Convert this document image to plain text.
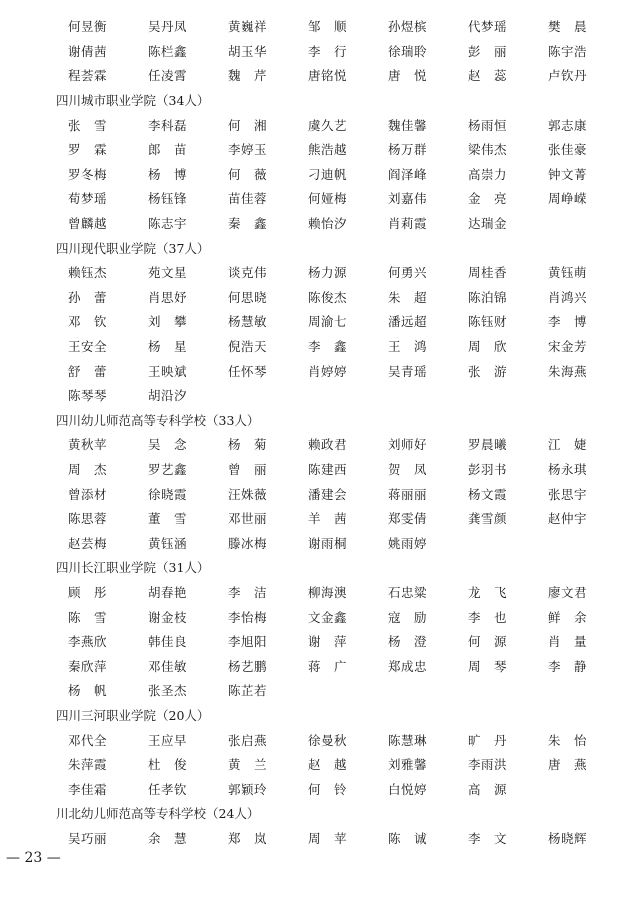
何昱衡	吴丹凤	黄巍祥	邹　顺	孙煜槟	代梦瑶	樊　晨
谢倩茜	陈栏鑫	胡玉华	李　行	徐瑞聆	彭　丽	陈宇浩
程荟霖	任凌霄	魏　芹	唐铭悦	唐　悦	赵　蕊	卢钦丹
四川城市职业学院（34人）
张　雪	李科磊	何　湘	虞久艺	魏佳馨	杨雨恒	郭志康
罗　霖	郎　苗	李婷玉	熊浩越	杨万群	梁伟杰	张佳豪
罗冬梅	杨　博	何　薇	刁迪帆	阎泽峰	高崇力	钟文菁
荀梦瑶	杨钰锋	苗佳蓉	何娅梅	刘嘉伟	金　亮	周峥嵘
曾麟越	陈志宇	秦　鑫	赖怡汐	肖莉霞	达瑞金
四川现代职业学院（37人）
赖钰杰	苑文星	谈克伟	杨力源	何勇兴	周桂香	黄钰萌
孙　蕾	肖思妤	何思晓	陈俊杰	朱　超	陈泊锦	肖鸿兴
邓　钦	刘　攀	杨慧敏	周渝七	潘远超	陈钰财	李　博
王安全	杨　星	倪浩天	李　鑫	王　鸿	周　欣	宋金芳
舒　蕾	王映斌	任怀琴	肖婷婷	吴青瑶	张　游	朱海燕
陈琴琴	胡沿汐
四川幼儿师范高等专科学校（33人）
黄秋苹	吴　念	杨　菊	赖政君	刘师好	罗晨曦	江　婕
周　杰	罗艺鑫	曾　丽	陈建西	贺　凤	彭羽书	杨永琪
曾添材	徐晓霞	汪姝薇	潘建会	蒋丽丽	杨文霞	张思宇
陈思蓉	董　雪	邓世丽	羊　茜	郑雯倩	龚雪颜	赵仲宇
赵芸梅	黄钰涵	滕冰梅	谢雨桐	姚雨婷
四川长江职业学院（31人）
顾　彤	胡春艳	李　洁	柳海澳	石忠粱	龙　飞	廖文君
陈　雪	谢金枝	李怡梅	文金鑫	寇　励	李　也	鲜　余
李燕欣	韩佳良	李旭阳	谢　萍	杨　澄	何　源	肖　量
秦欣萍	邓佳敏	杨艺鹏	蒋　广	郑成忠	周　琴	李　静
杨　帆	张圣杰	陈芷若
四川三河职业学院（20人）
邓代全	王应早	张启燕	徐曼秋	陈慧琳	旷　丹	朱　怡
朱萍霞	杜　俊	黄　兰	赵　越	刘雅馨	李雨洪	唐　燕
李佳霜	任孝钦	郭颖玲	何　铃	白悦婷	高　源
川北幼儿师范高等专科学校（24人）
吴巧丽	余　慧	郑　岚	周　苹	陈　诚	李　文	杨晓辉
— 23 —
